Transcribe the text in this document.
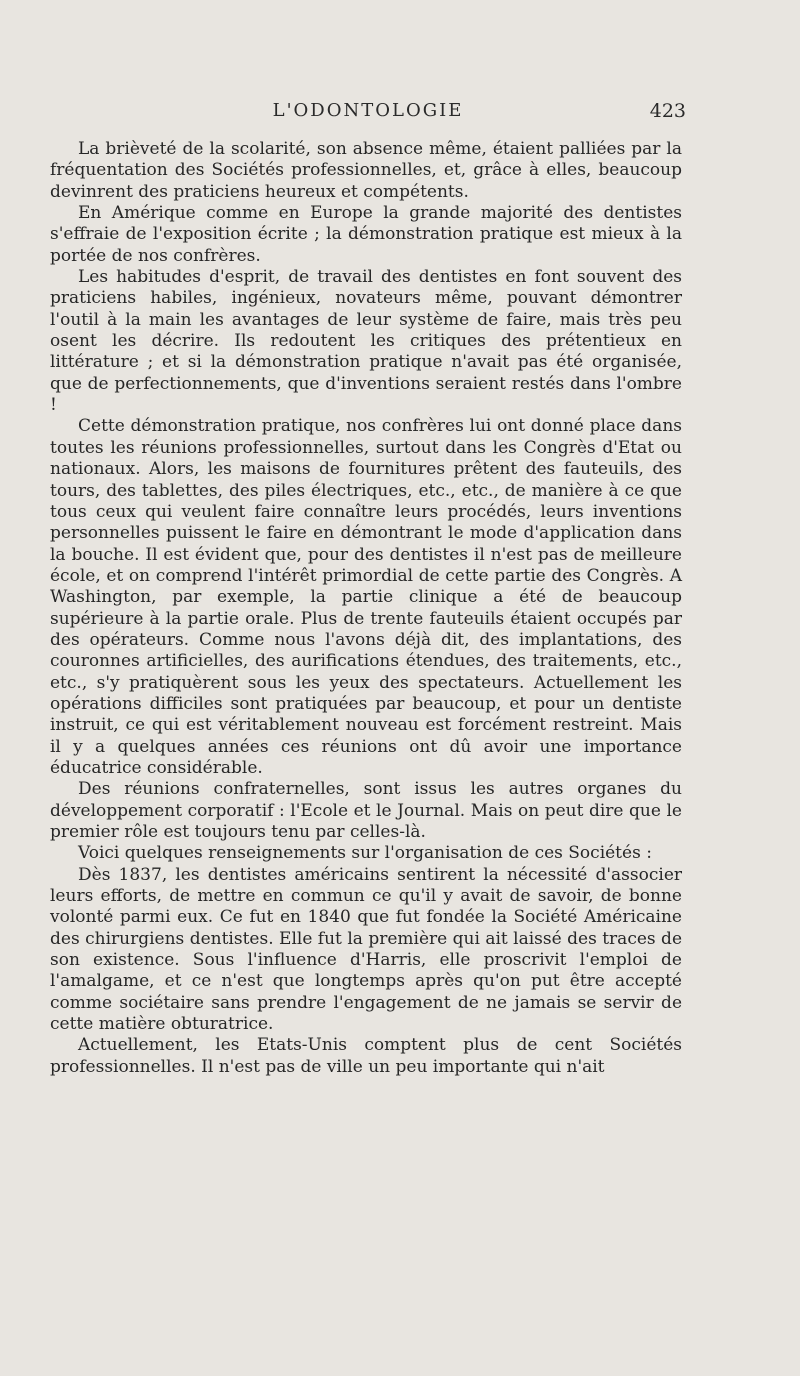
L'ODONTOLOGIE	423

La brièveté de la scolarité, son absence même, étaient palliées par la fréquentation des Sociétés professionnelles, et, grâce à elles, beaucoup devinrent des praticiens heureux et compétents.

En Amérique comme en Europe la grande majorité des dentistes s'effraie de l'exposition écrite ; la démonstration pratique est mieux à la portée de nos confrères.

Les habitudes d'esprit, de travail des dentistes en font souvent des praticiens habiles, ingénieux, novateurs même, pouvant démontrer l'outil à la main les avantages de leur système de faire, mais très peu osent les décrire. Ils redoutent les critiques des prétentieux en littérature ; et si la démonstration pratique n'avait pas été organisée, que de perfectionnements, que d'inventions seraient restés dans l'ombre !

Cette démonstration pratique, nos confrères lui ont donné place dans toutes les réunions professionnelles, surtout dans les Congrès d'Etat ou nationaux. Alors, les maisons de fournitures prêtent des fauteuils, des tours, des tablettes, des piles électriques, etc., etc., de manière à ce que tous ceux qui veulent faire connaître leurs procédés, leurs inventions personnelles puissent le faire en démontrant le mode d'application dans la bouche. Il est évident que, pour des dentistes il n'est pas de meilleure école, et on comprend l'intérêt primordial de cette partie des Congrès. A Washington, par exemple, la partie clinique a été de beaucoup supérieure à la partie orale. Plus de trente fauteuils étaient occupés par des opérateurs. Comme nous l'avons déjà dit, des implantations, des couronnes artificielles, des aurifications étendues, des traitements, etc., etc., s'y pratiquèrent sous les yeux des spectateurs. Actuellement les opérations difficiles sont pratiquées par beaucoup, et pour un dentiste instruit, ce qui est véritablement nouveau est forcément restreint. Mais il y a quelques années ces réunions ont dû avoir une importance éducatrice considérable.

Des réunions confraternelles, sont issus les autres organes du développement corporatif : l'Ecole et le Journal. Mais on peut dire que le premier rôle est toujours tenu par celles-là.

Voici quelques renseignements sur l'organisation de ces Sociétés :

Dès 1837, les dentistes américains sentirent la nécessité d'associer leurs efforts, de mettre en commun ce qu'il y avait de savoir, de bonne volonté parmi eux. Ce fut en 1840 que fut fondée la Société Américaine des chirurgiens dentistes. Elle fut la première qui ait laissé des traces de son existence. Sous l'influence d'Harris, elle proscrivit l'emploi de l'amalgame, et ce n'est que longtemps après qu'on put être accepté comme sociétaire sans prendre l'engagement de ne jamais se servir de cette matière obturatrice.

Actuellement, les Etats-Unis comptent plus de cent Sociétés professionnelles. Il n'est pas de ville un peu importante qui n'ait
